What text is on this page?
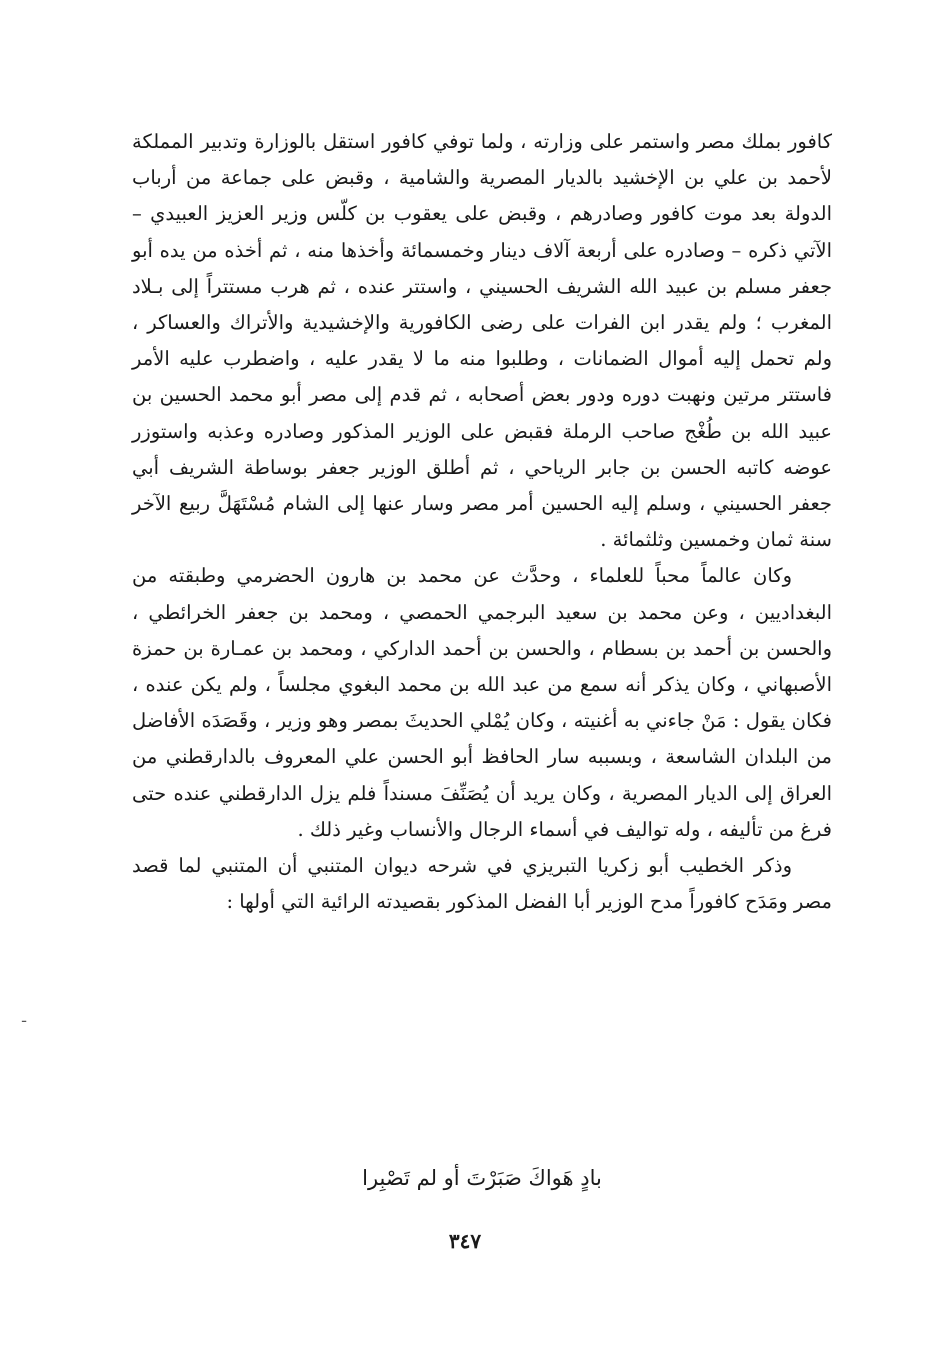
كافور بملك مصر واستمر على وزارته ، ولما توفي كافور استقل بالوزارة وتدبير المملكة لأحمد بن علي بن الإخشيد بالديار المصرية والشامية ، وقبض على جماعة من أرباب الدولة بعد موت كافور وصادرهم ، وقبض على يعقوب بن كلّس وزير العزيز العبيدي – الآتي ذكره – وصادره على أربعة آلاف دينار وخمسمائة وأخذها منه ، ثم أخذه من يده أبو جعفر مسلم بن عبيد الله الشريف الحسيني ، واستتر عنده ، ثم هرب مستتراً إلى بـلاد المغرب ؛ ولم يقدر ابن الفرات على رضى الكافورية والإخشيدية والأتراك والعساكر ، ولم تحمل إليه أموال الضمانات ، وطلبوا منه ما لا يقدر عليه ، واضطرب عليه الأمر فاستتر مرتين ونهبت دوره ودور بعض أصحابه ، ثم قدم إلى مصر أبو محمد الحسين بن عبيد الله بن طُغْج صاحب الرملة فقبض على الوزير المذكور وصادره وعذبه واستوزر عوضه كاتبه الحسن بن جابر الرياحي ، ثم أطلق الوزير جعفر بوساطة الشريف أبي جعفر الحسيني ، وسلم إليه الحسين أمر مصر وسار عنها إلى الشام مُسْتَهَلَّ ربيع الآخر سنة ثمان وخمسين وثلثمائة .

وكان عالماً محباً للعلماء ، وحدَّث عن محمد بن هارون الحضرمي وطبقته من البغداديين ، وعن محمد بن سعيد البرجمي الحمصي ، ومحمد بن جعفر الخرائطي ، والحسن بن أحمد بن بسطام ، والحسن بن أحمد الداركي ، ومحمد بن عمـارة بن حمزة الأصبهاني ، وكان يذكر أنه سمع من عبد الله بن محمد البغوي مجلساً ، ولم يكن عنده ، فكان يقول : مَنْ جاءني به أغنيته ، وكان يُمْلي الحديثَ بمصر وهو وزير ، وقَصَدَه الأفاضل من البلدان الشاسعة ، وبسببه سار الحافظ أبو الحسن علي المعروف بالدارقطني من العراق إلى الديار المصرية ، وكان يريد أن يُصَنِّفَ مسنداً فلم يزل الدارقطني عنده حتى فرغ من تأليفه ، وله تواليف في أسماء الرجال والأنساب وغير ذلك .

وذكر الخطيب أبو زكريا التبريزي في شرحه ديوان المتنبي أن المتنبي لما قصد مصر ومَدَح كافوراً مدح الوزير أبا الفضل المذكور بقصيدته الرائية التي أولها :

بادٍ هَواكَ صَبَرْتَ أو لم تَصْبِرا
٣٤٧
ـ
